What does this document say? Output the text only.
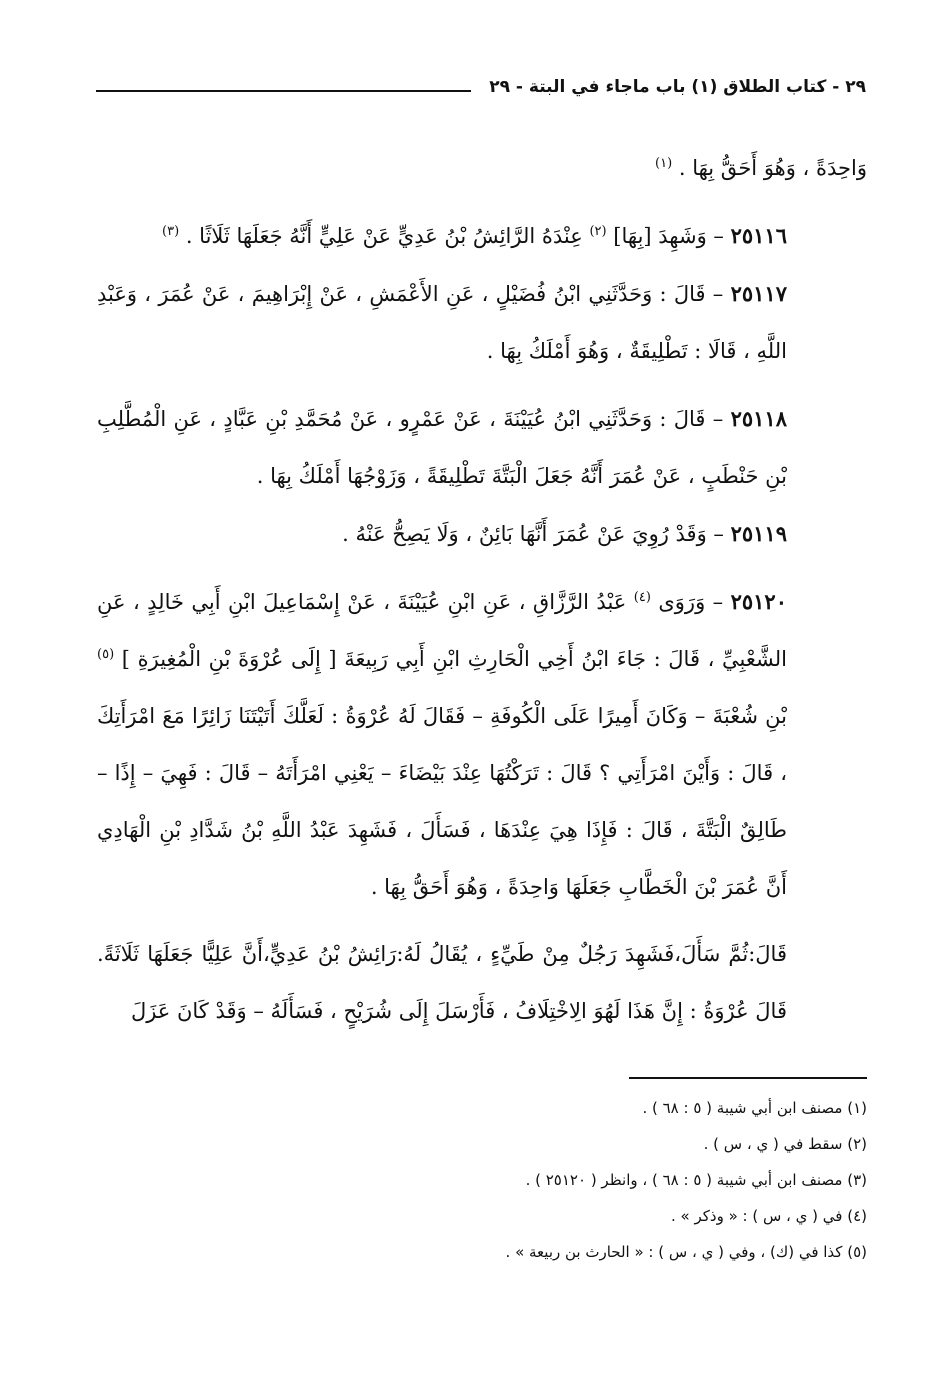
٢٩ - كتاب الطلاق (١) باب ماجاء في البتة - ٢٩

وَاحِدَةً ، وَهُوَ أَحَقُّ بِهَا . $^{(١)}$

٢٥١١٦ – وَشَهِدَ [بِهَا] $^{(٢)}$ عِنْدَهُ الرَّائِشُ بْنُ عَدِيٍّ عَنْ عَلِيٍّ أَنَّهُ جَعَلَهَا ثَلَاثًا . $^{(٣)}$

٢٥١١٧ – قَالَ : وَحَدَّثَنِي ابْنُ فُضَيْلٍ ، عَنِ الأَعْمَشِ ، عَنْ إِبْرَاهِيمَ ، عَنْ عُمَرَ ، وَعَبْدِ اللَّهِ ، قَالَا : تَطْلِيقَةٌ ، وَهُوَ أَمْلَكُ بِهَا .

٢٥١١٨ – قَالَ : وَحَدَّثَنِي ابْنُ عُيَيْنَةَ ، عَنْ عَمْرٍو ، عَنْ مُحَمَّدِ بْنِ عَبَّادٍ ، عَنِ الْمُطَّلِبِ بْنِ حَنْطَبٍ ، عَنْ عُمَرَ أَنَّهُ جَعَلَ الْبَتَّةَ تَطْلِيقَةً ، وَزَوْجُهَا أَمْلَكُ بِهَا .

٢٥١١٩ – وَقَدْ رُوِيَ عَنْ عُمَرَ أَنَّهَا بَائِنٌ ، وَلَا يَصِحُّ عَنْهُ .

٢٥١٢٠ – وَرَوَى $^{(٤)}$ عَبْدُ الرَّزَّاقِ ، عَنِ ابْنِ عُيَيْنَةَ ، عَنْ إِسْمَاعِيلَ ابْنِ أَبِي خَالِدٍ ، عَنِ الشَّعْبِيِّ ، قَالَ : جَاءَ ابْنُ أَخِي الْحَارِثِ ابْنِ أَبِي رَبِيعَةَ [ إِلَى عُرْوَةَ بْنِ الْمُغِيرَةِ ] $^{(٥)}$ بْنِ شُعْبَةَ – وَكَانَ أَمِيرًا عَلَى الْكُوفَةِ – فَقَالَ لَهُ عُرْوَةُ : لَعَلَّكَ أَتَيْتَنَا زَائِرًا مَعَ امْرَأَتِكَ ، قَالَ : وَأَيْنَ امْرَأَتِي ؟ قَالَ : تَرَكْتُهَا عِنْدَ بَيْضَاءَ – يَعْنِي امْرَأَتَهُ – قَالَ : فَهِيَ – إِذًا – طَالِقٌ الْبَتَّةَ ، قَالَ : فَإِذَا هِيَ عِنْدَهَا ، فَسَأَلَ ، فَشَهِدَ عَبْدُ اللَّهِ بْنُ شَدَّادِ بْنِ الْهَادِي أَنَّ عُمَرَ بْنَ الْخَطَّابِ جَعَلَهَا وَاحِدَةً ، وَهُوَ أَحَقُّ بِهَا .

قَالَ:ثُمَّ سَأَلَ،فَشَهِدَ رَجُلٌ مِنْ طَيِّءٍ ، يُقَالُ لَهُ:رَائِشُ بْنُ عَدِيٍّ،أَنَّ عَلِيًّا جَعَلَهَا ثَلَاثَةً. قَالَ عُرْوَةُ : إِنَّ هَذَا لَهُوَ الِاخْتِلَافُ ، فَأَرْسَلَ إِلَى شُرَيْحٍ ، فَسَأَلَهُ – وَقَدْ كَانَ عَزَلَ

(١) مصنف ابن أبي شيبة ( ٥ : ٦٨ ) .

(٢) سقط في ( ي ، س ) .

(٣) مصنف ابن أبي شيبة ( ٥ : ٦٨ ) ، وانظر ( ٢٥١٢٠ ) .

(٤) في ( ي ، س ) : « وذكر » .

(٥) كذا في (ك) ، وفي ( ي ، س ) : « الحارث بن ربيعة » .
